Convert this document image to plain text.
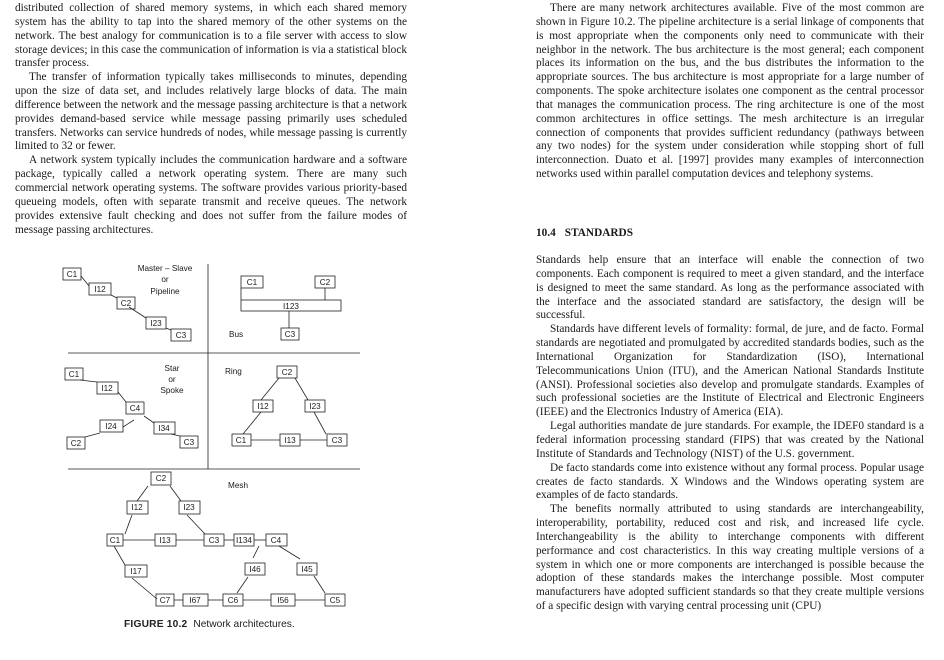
distributed collection of shared memory systems, in which each shared memory system has the ability to tap into the shared memory of the other systems on the network. The best analogy for communication is to a file server with access to slow storage devices; in this case the communication of information is via a statistical block transfer process.

The transfer of information typically takes milliseconds to minutes, depending upon the size of data set, and includes relatively large blocks of data. The main difference between the network and the message passing architecture is that a network provides demand-based service while message passing primarily uses scheduled transfers. Networks can service hundreds of nodes, while message passing is currently limited to 32 or fewer.

A network system typically includes the communication hardware and a software package, typically called a network operating system. There are many such commercial network operating systems. The software provides various priority-based queueing models, often with separate transmit and receive queues. The network provides extensive fault checking and does not suffer from the failure modes of message passing architectures.

There are many network architectures available. Five of the most common are shown in Figure 10.2. The pipeline architecture is a serial linkage of components that is most appropriate when the components only need to communicate with their neighbor in the network. The bus architecture is the most general; each component places its information on the bus, and the bus distributes the information to the appropriate sources. The bus architecture is most appropriate for a large number of components. The spoke architecture isolates one component as the central processor that manages the communication process. The ring architecture is one of the most common architectures in office settings. The mesh architecture is an irregular connection of components that provides sufficient redundancy (pathways between any two nodes) for the system under consideration while stopping short of full interconnection. Duato et al. [1997] provides many examples of interconnection networks used within parallel computation devices and telephony systems.

10.4 STANDARDS

Standards help ensure that an interface will enable the connection of two components. Each component is required to meet a given standard, and the interface is designed to meet the same standard. As long as the performance associated with the interface and the associated standard are satisfactory, the design will be successful.

Standards have different levels of formality: formal, de jure, and de facto. Formal standards are negotiated and promulgated by accredited standards bodies, such as the International Organization for Standardization (ISO), International Telecommunications Union (ITU), and the American National Standards Institute (ANSI). Professional societies also develop and promulgate standards. Examples of such professional societies are the Institute of Electrical and Electronic Engineers (IEEE) and the Electronics Industry of America (EIA).

Legal authorities mandate de jure standards. For example, the IDEF0 standard is a federal information processing standard (FIPS) that was created by the National Institute of Standards and Technology (NIST) of the U.S. government.

De facto standards come into existence without any formal process. Popular usage creates de facto standards. X Windows and the Windows operating system are examples of de facto standards.

The benefits normally attributed to using standards are interchangeability, interoperability, portability, reduced cost and risk, and increased life cycle. Interchangeability is the ability to interchange components with different performance and cost characteristics. In this way creating multiple versions of a system in which one or more components are interchanged is possible because the adoption of these standards makes the interchange possible. Most computer manufacturers have adopted sufficient standards so that they create multiple versions of a specific design with varying central processing unit (CPU)

Master – Slave
or
Pipeline
Bus
Star
or
Spoke
Ring
Mesh
C1
I12
C2
I23
C3
C1	C2
I123
C3
C1
I12
C4
I24
C2
I34
C3
C2
I12	I23
C1	I13	C3
C2
I12	I23
C1	I13	C3 I134 C4
I17	I46	I45
C7 I67	C6	I56	C5
FIGURE 10.2 Network architectures.
